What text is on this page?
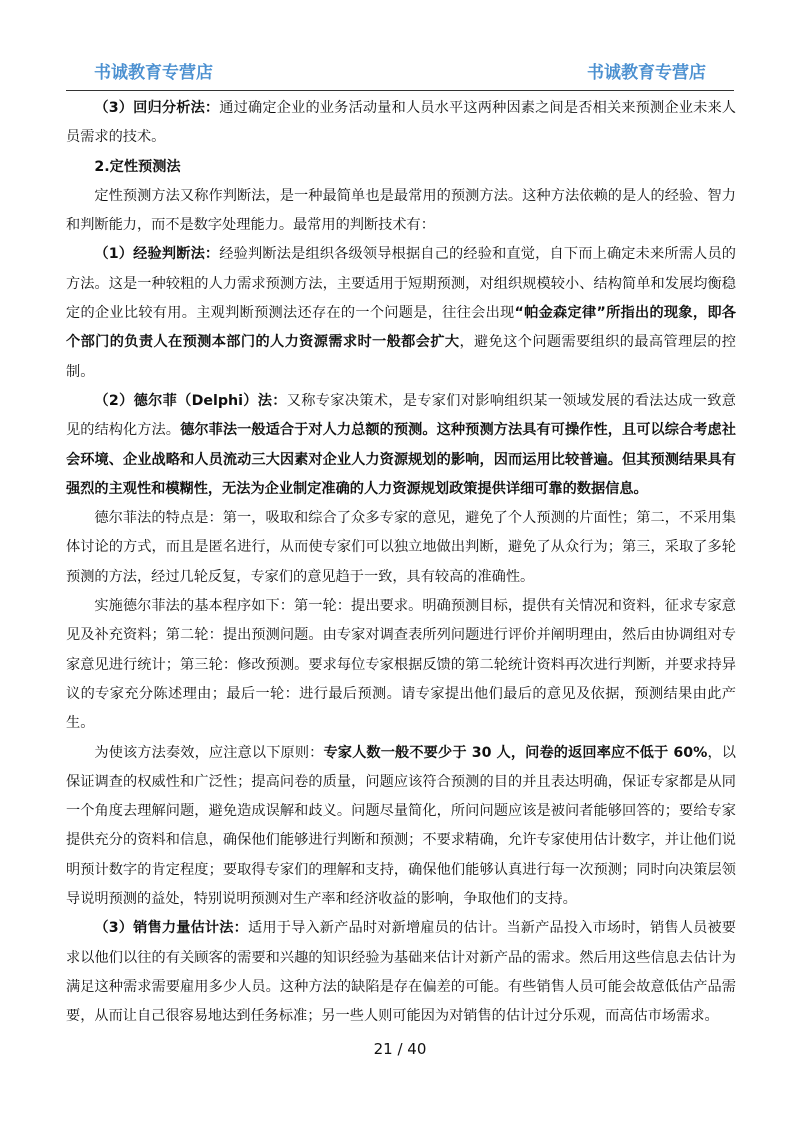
书诚教育专营店	书诚教育专营店

（3）回归分析法：通过确定企业的业务活动量和人员水平这两种因素之间是否相关来预测企业未来人员需求的技术。

2.定性预测法

定性预测方法又称作判断法，是一种最简单也是最常用的预测方法。这种方法依赖的是人的经验、智力和判断能力，而不是数字处理能力。最常用的判断技术有：

（1）经验判断法：经验判断法是组织各级领导根据自己的经验和直觉，自下而上确定未来所需人员的方法。这是一种较粗的人力需求预测方法，主要适用于短期预测，对组织规模较小、结构简单和发展均衡稳定的企业比较有用。主观判断预测法还存在的一个问题是，往往会出现“帕金森定律”所指出的现象，即各个部门的负责人在预测本部门的人力资源需求时一般都会扩大，避免这个问题需要组织的最高管理层的控制。

（2）德尔菲（Delphi）法：又称专家决策术，是专家们对影响组织某一领域发展的看法达成一致意见的结构化方法。德尔菲法一般适合于对人力总额的预测。这种预测方法具有可操作性，且可以综合考虑社会环境、企业战略和人员流动三大因素对企业人力资源规划的影响，因而运用比较普遍。但其预测结果具有强烈的主观性和模糊性，无法为企业制定准确的人力资源规划政策提供详细可靠的数据信息。

德尔菲法的特点是：第一，吸取和综合了众多专家的意见，避免了个人预测的片面性；第二，不采用集体讨论的方式，而且是匿名进行，从而使专家们可以独立地做出判断，避免了从众行为；第三，采取了多轮预测的方法，经过几轮反复，专家们的意见趋于一致，具有较高的准确性。

实施德尔菲法的基本程序如下：第一轮：提出要求。明确预测目标，提供有关情况和资料，征求专家意见及补充资料；第二轮：提出预测问题。由专家对调查表所列问题进行评价并阐明理由，然后由协调组对专家意见进行统计；第三轮：修改预测。要求每位专家根据反馈的第二轮统计资料再次进行判断，并要求持异议的专家充分陈述理由；最后一轮：进行最后预测。请专家提出他们最后的意见及依据，预测结果由此产生。

为使该方法奏效，应注意以下原则：专家人数一般不要少于 30 人，问卷的返回率应不低于 60%，以保证调查的权威性和广泛性；提高问卷的质量，问题应该符合预测的目的并且表达明确，保证专家都是从同一个角度去理解问题，避免造成误解和歧义。问题尽量简化，所问问题应该是被问者能够回答的；要给专家提供充分的资料和信息，确保他们能够进行判断和预测；不要求精确，允许专家使用估计数字，并让他们说明预计数字的肯定程度；要取得专家们的理解和支持，确保他们能够认真进行每一次预测；同时向决策层领导说明预测的益处，特别说明预测对生产率和经济收益的影响，争取他们的支持。

（3）销售力量估计法：适用于导入新产品时对新增雇员的估计。当新产品投入市场时，销售人员被要求以他们以往的有关顾客的需要和兴趣的知识经验为基础来估计对新产品的需求。然后用这些信息去估计为满足这种需求需要雇用多少人员。这种方法的缺陷是存在偏差的可能。有些销售人员可能会故意低估产品需要，从而让自己很容易地达到任务标准；另一些人则可能因为对销售的估计过分乐观，而高估市场需求。

21 / 40
